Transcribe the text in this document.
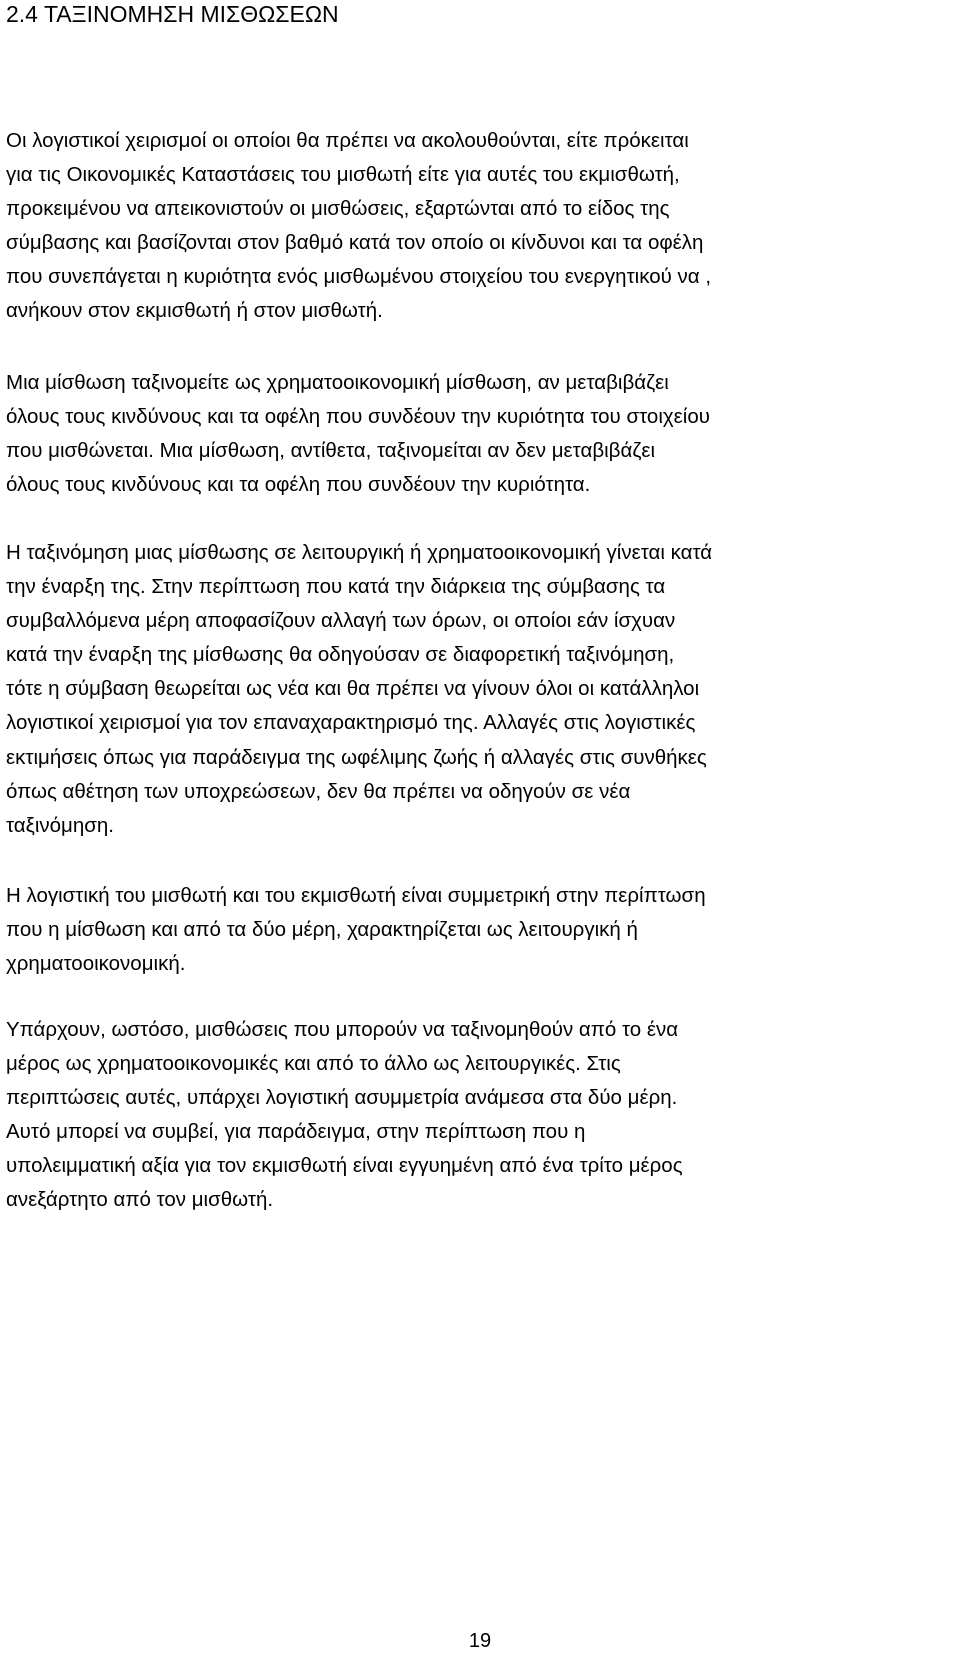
2.4 ΤΑΞΙΝΟΜΗΣΗ ΜΙΣΘΩΣΕΩΝ

Οι λογιστικοί χειρισμοί οι οποίοι θα πρέπει να ακολουθούνται, είτε πρόκειται
για τις Οικονομικές Καταστάσεις του μισθωτή είτε για αυτές του εκμισθωτή,
προκειμένου να απεικονιστούν οι μισθώσεις, εξαρτώνται από το είδος της
σύμβασης και βασίζονται στον βαθμό κατά τον οποίο οι κίνδυνοι και τα οφέλη
που συνεπάγεται η κυριότητα ενός μισθωμένου στοιχείου του ενεργητικού να ,
ανήκουν στον εκμισθωτή ή στον μισθωτή.

Μια μίσθωση ταξινομείτε ως χρηματοοικονομική μίσθωση, αν μεταβιβάζει
όλους τους κινδύνους και τα οφέλη που συνδέουν την κυριότητα του στοιχείου
που μισθώνεται. Μια μίσθωση, αντίθετα, ταξινομείται αν δεν μεταβιβάζει
όλους τους κινδύνους και τα οφέλη που συνδέουν την κυριότητα.

Η ταξινόμηση μιας μίσθωσης σε λειτουργική ή χρηματοοικονομική γίνεται κατά
την έναρξη της. Στην περίπτωση που κατά την διάρκεια της σύμβασης τα
συμβαλλόμενα μέρη αποφασίζουν αλλαγή των όρων, οι οποίοι εάν ίσχυαν
κατά την έναρξη της μίσθωσης θα οδηγούσαν σε διαφορετική ταξινόμηση,
τότε η σύμβαση θεωρείται ως νέα και θα πρέπει να γίνουν όλοι οι κατάλληλοι
λογιστικοί χειρισμοί για τον επαναχαρακτηρισμό της. Αλλαγές στις λογιστικές
εκτιμήσεις όπως για παράδειγμα της ωφέλιμης ζωής ή αλλαγές στις συνθήκες
όπως αθέτηση των υποχρεώσεων, δεν θα πρέπει να οδηγούν σε νέα
ταξινόμηση.

Η λογιστική του μισθωτή και του εκμισθωτή είναι συμμετρική στην περίπτωση
που η μίσθωση και από τα δύο μέρη, χαρακτηρίζεται ως λειτουργική ή
χρηματοοικονομική.

Υπάρχουν, ωστόσο, μισθώσεις που μπορούν να ταξινομηθούν από το ένα
μέρος ως χρηματοοικονομικές και από το άλλο ως λειτουργικές. Στις
περιπτώσεις αυτές, υπάρχει λογιστική ασυμμετρία ανάμεσα στα δύο μέρη.
Αυτό μπορεί να συμβεί, για παράδειγμα, στην περίπτωση που η
υπολειμματική αξία για τον εκμισθωτή είναι εγγυημένη από ένα τρίτο μέρος
ανεξάρτητο από τον μισθωτή.

19
